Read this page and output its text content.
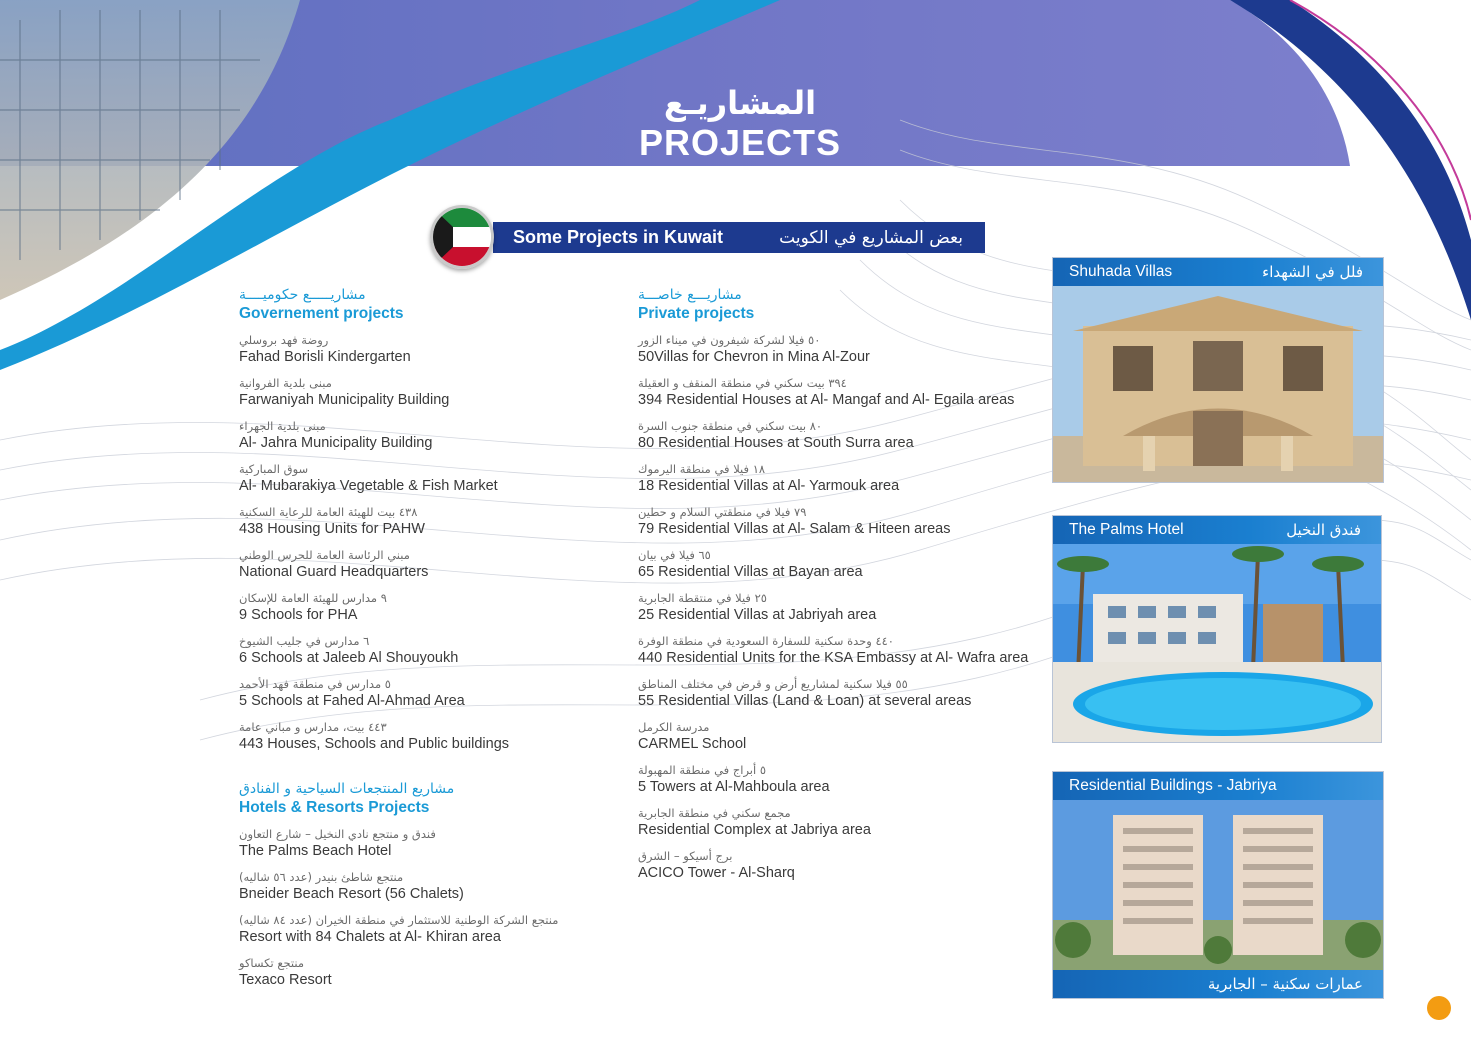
المشاريـع
PROJECTS
Some Projects in Kuwait	بعض المشاريع في الكويت
مشاريـــــع حكوميــــة
Governement projects
روضة فهد بروسلي
Fahad Borisli Kindergarten
مبنى بلدية الفروانية
Farwaniyah Municipality Building
مبنى بلدية الجهراء
Al- Jahra Municipality Building
سوق المباركية
Al- Mubarakiya Vegetable & Fish Market
٤٣٨ بيت للهيئة العامة للرعاية السكنية
438 Housing Units for PAHW
مبني الرئاسة العامة للحرس الوطني
National Guard Headquarters
٩ مدارس للهيئة العامة للإسكان
9 Schools for PHA
٦ مدارس في جليب الشيوخ
6 Schools at Jaleeb Al Shouyoukh
٥ مدارس في منطقة فهد الأحمد
5 Schools at Fahed Al-Ahmad Area
٤٤٣ بيت، مدارس و مباني عامة
443 Houses, Schools and Public buildings
مشاريع المنتجعات السياحية و الفنادق
Hotels & Resorts Projects
فندق و منتجع نادي النخيل – شارع التعاون
The Palms Beach Hotel
منتجع شاطئ بنيدر (عدد ٥٦ شاليه)
Bneider Beach Resort (56 Chalets)
منتجع الشركة الوطنية للاستثمار في منطقة الخيران (عدد ٨٤ شاليه)
Resort with 84 Chalets at Al- Khiran area
منتجع تكساكو
Texaco Resort
مشاريـــع خاصـــة
Private projects
٥٠ فيلا لشركة شيفرون في ميناء الزور
50Villas for Chevron in Mina Al-Zour
٣٩٤ بيت سكني في منطقة المنقف و العقيلة
394 Residential Houses at Al- Mangaf and Al- Egaila areas
٨٠ بيت سكني في منطقة جنوب السرة
80 Residential Houses at South Surra area
١٨ فيلا في منطقة اليرموك
18 Residential Villas at Al- Yarmouk area
٧٩ فيلا في منطقتي السلام و حطين
79 Residential Villas at Al- Salam & Hiteen areas
٦٥ فيلا في بيان
65 Residential Villas at Bayan area
٢٥ فيلا في منتقطة الجابرية
25 Residential Villas at Jabriyah area
٤٤٠ وحدة سكنية للسفارة السعودية في منطقة الوفرة
440 Residential Units for the KSA Embassy at Al- Wafra area
٥٥ فيلا سكنية لمشاريع أرض و قرض في مختلف المناطق
55 Residential Villas (Land & Loan) at several areas
مدرسة الكرمل
CARMEL School
٥ أبراج في منطقة المهبولة
5 Towers at Al-Mahboula area
مجمع سكني في منطقة الجابرية
Residential Complex at Jabriya area
برج أسيكو – الشرق
ACICO Tower - Al-Sharq
Shuhada Villas	فلل في الشهداء
The Palms Hotel	فندق النخيل
Residential Buildings - Jabriya
عمارات سكنية – الجابرية
